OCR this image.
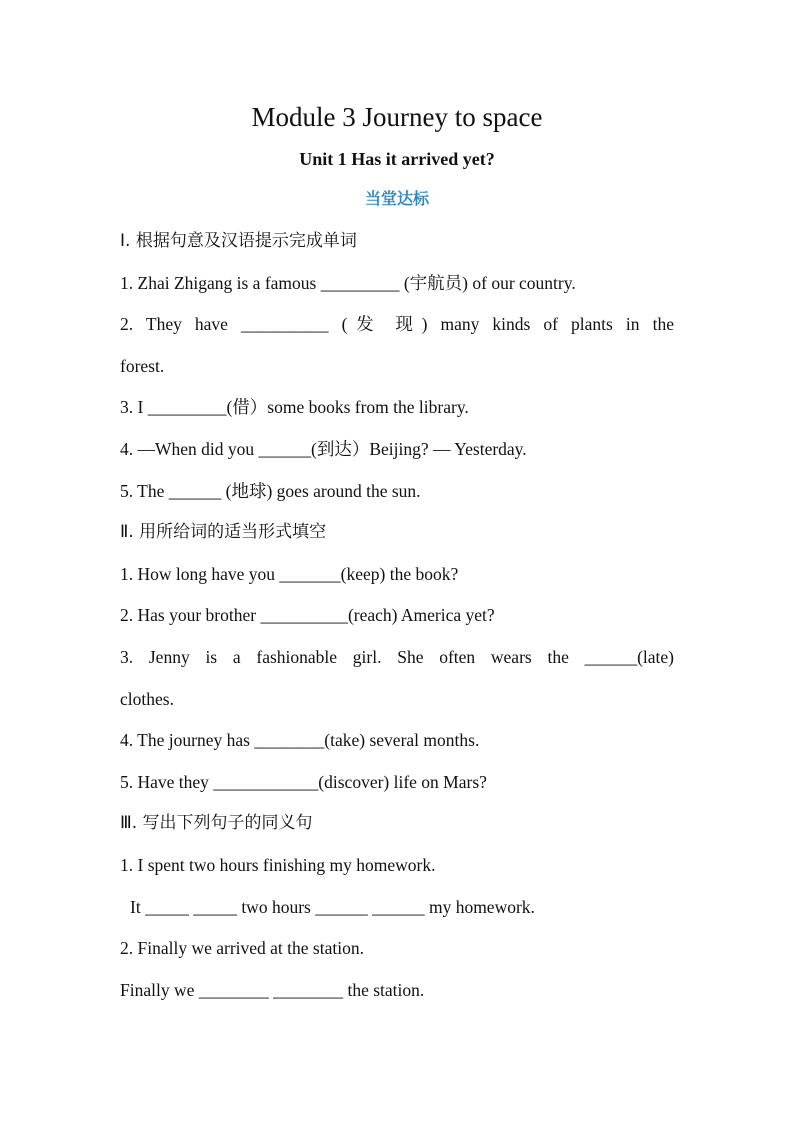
Module 3 Journey to space
Unit 1 Has it arrived yet?
当堂达标
Ⅰ. 根据句意及汉语提示完成单词
1. Zhai Zhigang is a famous _________ (宇航员) of our country.
2. They have __________ (发 现) many kinds of plants in the
forest.
3. I _________(借）some books from the library.
4. —When did you ______(到达）Beijing? — Yesterday.
5. The ______ (地球) goes around the sun.
Ⅱ. 用所给词的适当形式填空
1. How long have you _______(keep) the book?
2. Has your brother __________(reach) America yet?
3. Jenny is a fashionable girl. She often wears the ______(late)
clothes.
4. The journey has ________(take) several months.
5. Have they ____________(discover) life on Mars?
Ⅲ. 写出下列句子的同义句
1. I spent two hours finishing my homework.
It _____ _____ two hours ______ ______ my homework.
2. Finally we arrived at the station.
Finally we ________ ________ the station.
